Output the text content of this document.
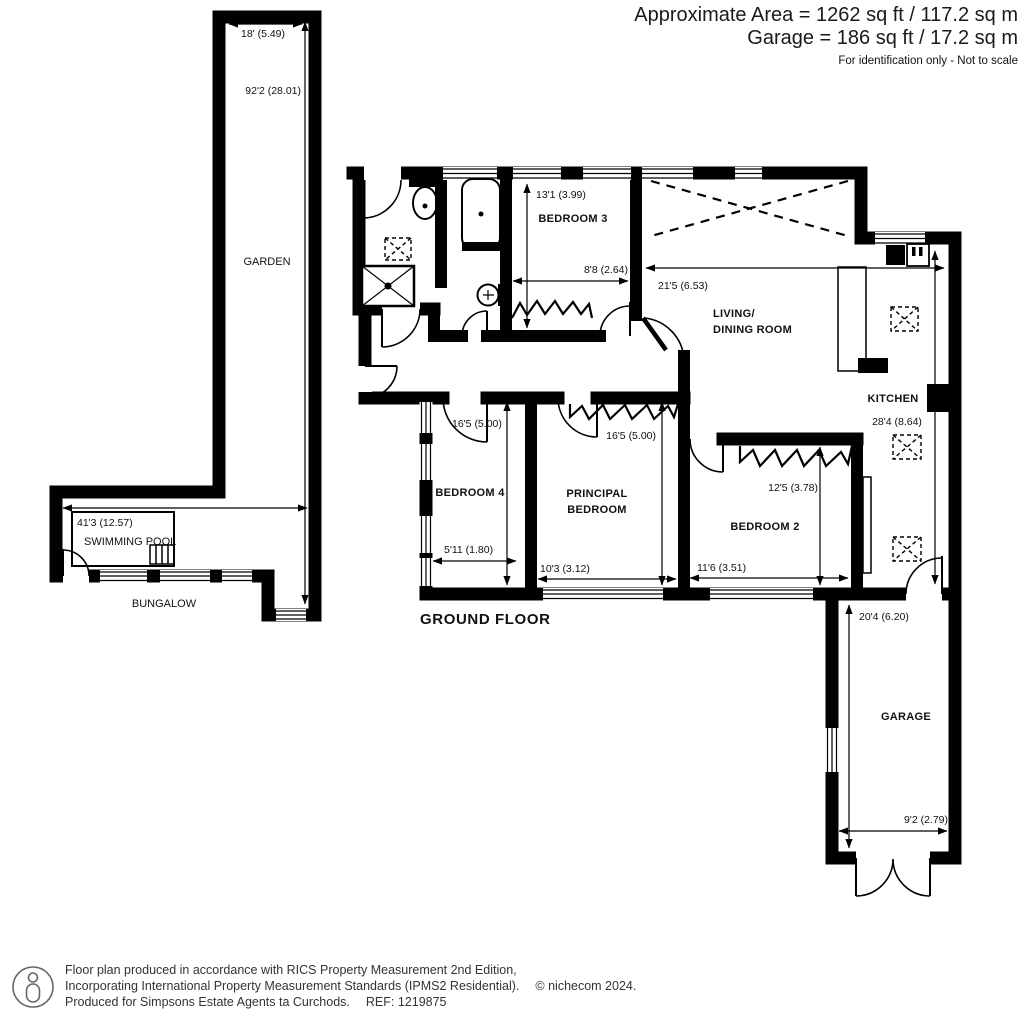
18' (5.49)
92'2 (28.01)
GARDEN
41'3 (12.57)
SWIMMING POOL
BUNGALOW
BEDROOM 3
13'1 (3.99)
8'8 (2.64)
LIVING/
DINING ROOM
21'5 (6.53)
KITCHEN
28'4 (8.64)
BEDROOM 4
16'5 (5.00)
5'11 (1.80)
PRINCIPAL
BEDROOM
16'5 (5.00)
10'3 (3.12)
BEDROOM 2
12'5 (3.78)
11'6 (3.51)
GARAGE
20'4 (6.20)
9'2 (2.79)
GROUND FLOOR
Approximate Area = 1262 sq ft / 117.2 sq m
Garage = 186 sq ft / 17.2 sq m
For identification only - Not to scale
Floor plan produced in accordance with RICS Property Measurement 2nd Edition,
Incorporating International Property Measurement Standards (IPMS2 Residential). © nichecom 2024.
Produced for Simpsons Estate Agents ta Curchods. REF: 1219875
